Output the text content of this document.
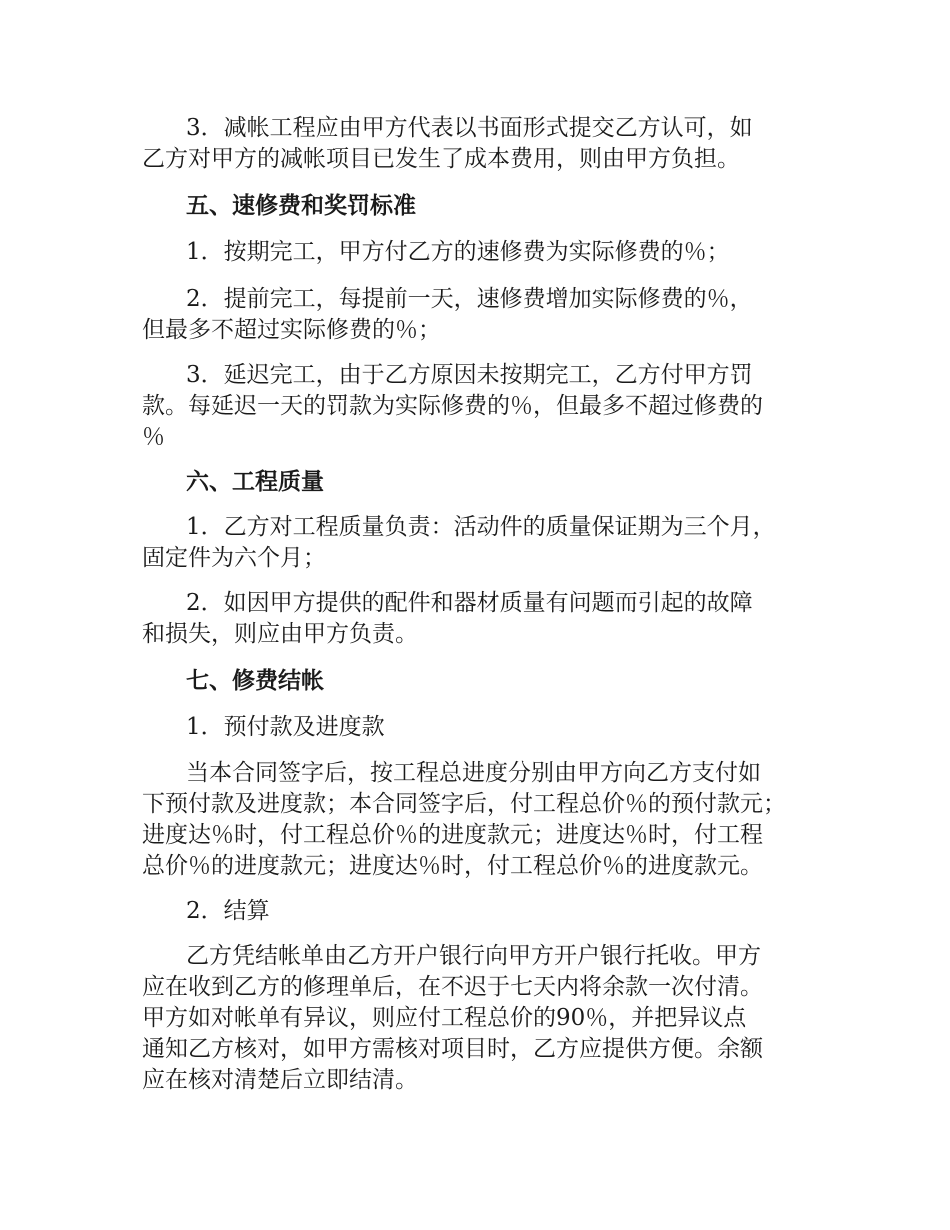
3．减帐工程应由甲方代表以书面形式提交乙方认可，如
乙方对甲方的减帐项目已发生了成本费用，则由甲方负担。
五、速修费和奖罚标准
1．按期完工，甲方付乙方的速修费为实际修费的％；
2．提前完工，每提前一天，速修费增加实际修费的％，
但最多不超过实际修费的％；
3．延迟完工，由于乙方原因未按期完工，乙方付甲方罚
款。每延迟一天的罚款为实际修费的％，但最多不超过修费的
％
六、工程质量
1．乙方对工程质量负责：活动件的质量保证期为三个月，
固定件为六个月；
2．如因甲方提供的配件和器材质量有问题而引起的故障
和损失，则应由甲方负责。
七、修费结帐
1．预付款及进度款
当本合同签字后，按工程总进度分别由甲方向乙方支付如
下预付款及进度款；本合同签字后，付工程总价％的预付款元；
进度达％时，付工程总价％的进度款元；进度达％时，付工程
总价％的进度款元；进度达％时，付工程总价％的进度款元。
2．结算
乙方凭结帐单由乙方开户银行向甲方开户银行托收。甲方
应在收到乙方的修理单后，在不迟于七天内将余款一次付清。
甲方如对帐单有异议，则应付工程总价的90％，并把异议点
通知乙方核对，如甲方需核对项目时，乙方应提供方便。余额
应在核对清楚后立即结清。
